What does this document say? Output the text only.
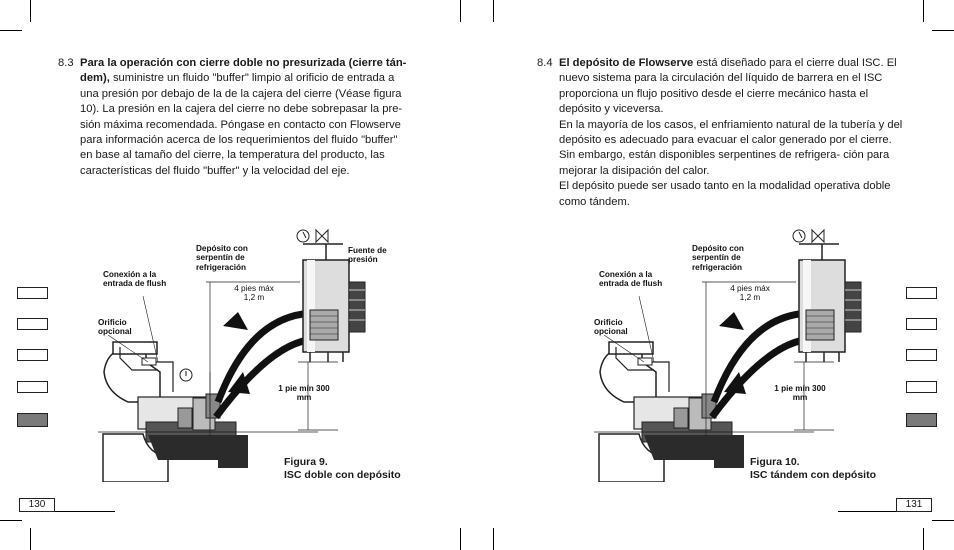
8.3 Para la operación con cierre doble no presurizada (cierre tán- dem), suministre un fluido "buffer" limpio al orificio de entrada a una presión por debajo de la de la cajera del cierre (Véase figura 10). La presión en la cajera del cierre no debe sobrepasar la pre- sión máxima recomendada. Póngase en contacto con Flowserve para información acerca de los requerimientos del fluido "buffer" en base al tamaño del cierre, la temperatura del producto, las características del fluido "buffer" y la velocidad del eje.
8.4 El depósito de Flowserve está diseñado para el cierre dual ISC. El nuevo sistema para la circulación del líquido de barrera en el ISC proporciona un flujo positivo desde el cierre mecánico hasta el depósito y viceversa.
En la mayoría de los casos, el enfriamiento natural de la tubería y del depósito es adecuado para evacuar el calor generado por el cierre. Sin embargo, están disponibles serpentines de refrigera- ción para mejorar la disipación del calor.
El depósito puede ser usado tanto en la modalidad operativa doble como tándem.
Depósito con serpentín de refrigeración
Fuente de presión
Conexión a la entrada de flush
Orificio opcional
4 pies máx 1,2 m
1 pie mín 300 mm
Figura 9.
ISC doble con depósito
Depósito con serpentín de refrigeración
Conexión a la entrada de flush
Orificio opcional
4 pies máx 1,2 m
1 pie mín 300 mm
Figura 10.
ISC tándem con depósito
130	131
